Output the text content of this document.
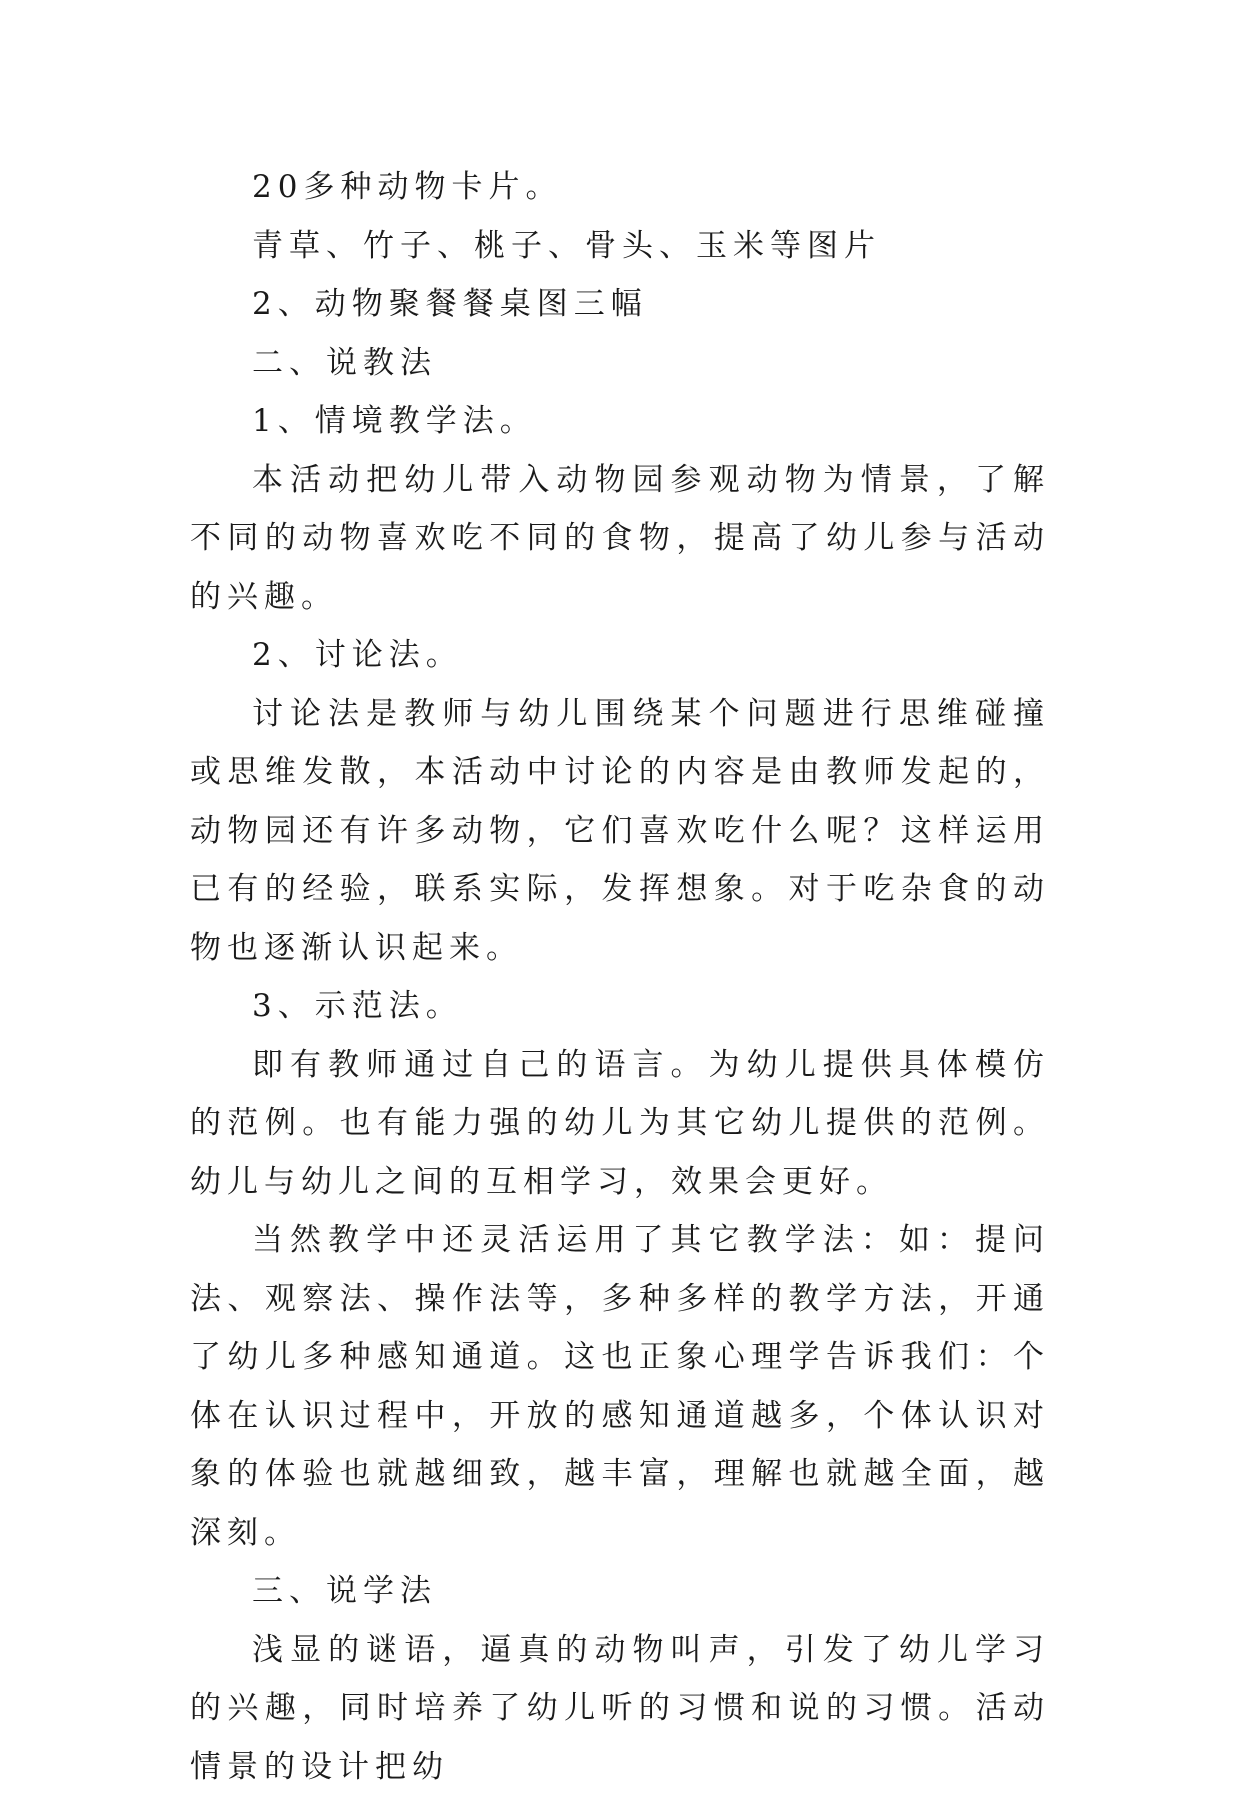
20多种动物卡片。

青草、竹子、桃子、骨头、玉米等图片

2、动物聚餐餐桌图三幅

二、说教法

1、情境教学法。

本活动把幼儿带入动物园参观动物为情景，了解不同的动物喜欢吃不同的食物，提高了幼儿参与活动的兴趣。

2、讨论法。

讨论法是教师与幼儿围绕某个问题进行思维碰撞或思维发散，本活动中讨论的内容是由教师发起的，动物园还有许多动物，它们喜欢吃什么呢？这样运用已有的经验，联系实际，发挥想象。对于吃杂食的动物也逐渐认识起来。

3、示范法。

即有教师通过自己的语言。为幼儿提供具体模仿的范例。也有能力强的幼儿为其它幼儿提供的范例。幼儿与幼儿之间的互相学习，效果会更好。

当然教学中还灵活运用了其它教学法：如：提问法、观察法、操作法等，多种多样的教学方法，开通了幼儿多种感知通道。这也正象心理学告诉我们：个体在认识过程中，开放的感知通道越多，个体认识对象的体验也就越细致，越丰富，理解也就越全面，越深刻。

三、说学法

浅显的谜语，逼真的动物叫声，引发了幼儿学习的兴趣，同时培养了幼儿听的习惯和说的习惯。活动情景的设计把幼
